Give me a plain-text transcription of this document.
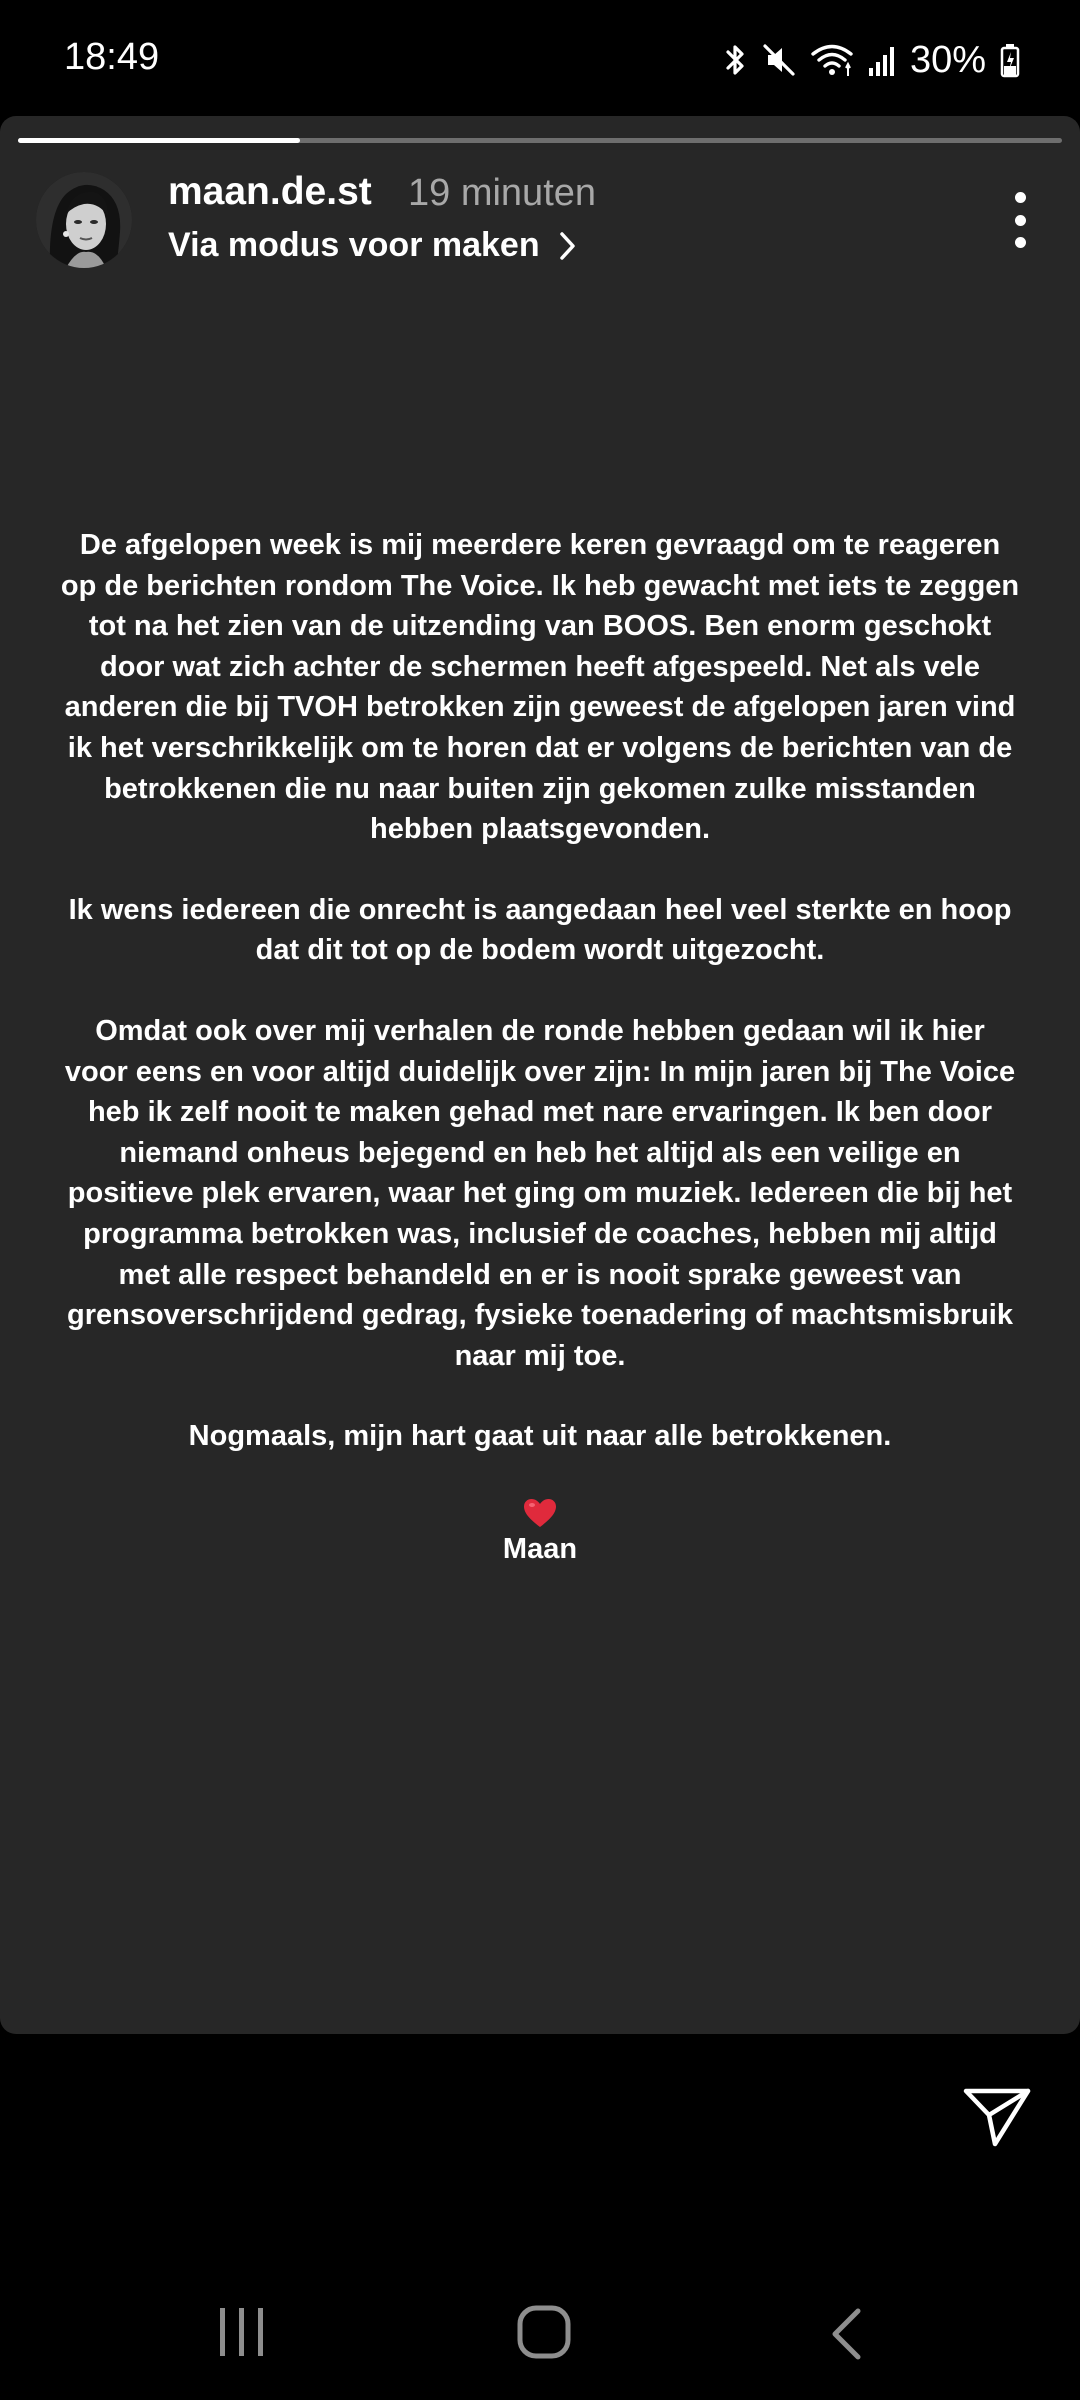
18:49	30%
maan.de.st 19 minuten
Via modus voor maken

De afgelopen week is mij meerdere keren gevraagd om te reageren op de berichten rondom The Voice. Ik heb gewacht met iets te zeggen tot na het zien van de uitzending van BOOS. Ben enorm geschokt door wat zich achter de schermen heeft afgespeeld. Net als vele anderen die bij TVOH betrokken zijn geweest de afgelopen jaren vind ik het verschrikkelijk om te horen dat er volgens de berichten van de betrokkenen die nu naar buiten zijn gekomen zulke misstanden hebben plaatsgevonden.

Ik wens iedereen die onrecht is aangedaan heel veel sterkte en hoop dat dit tot op de bodem wordt uitgezocht.

Omdat ook over mij verhalen de ronde hebben gedaan wil ik hier voor eens en voor altijd duidelijk over zijn: In mijn jaren bij The Voice heb ik zelf nooit te maken gehad met nare ervaringen. Ik ben door niemand onheus bejegend en heb het altijd als een veilige en positieve plek ervaren, waar het ging om muziek. Iedereen die bij het programma betrokken was, inclusief de coaches, hebben mij altijd met alle respect behandeld en er is nooit sprake geweest van grensoverschrijdend gedrag, fysieke toenadering of machtsmisbruik naar mij toe.

Nogmaals, mijn hart gaat uit naar alle betrokkenen.

Maan
